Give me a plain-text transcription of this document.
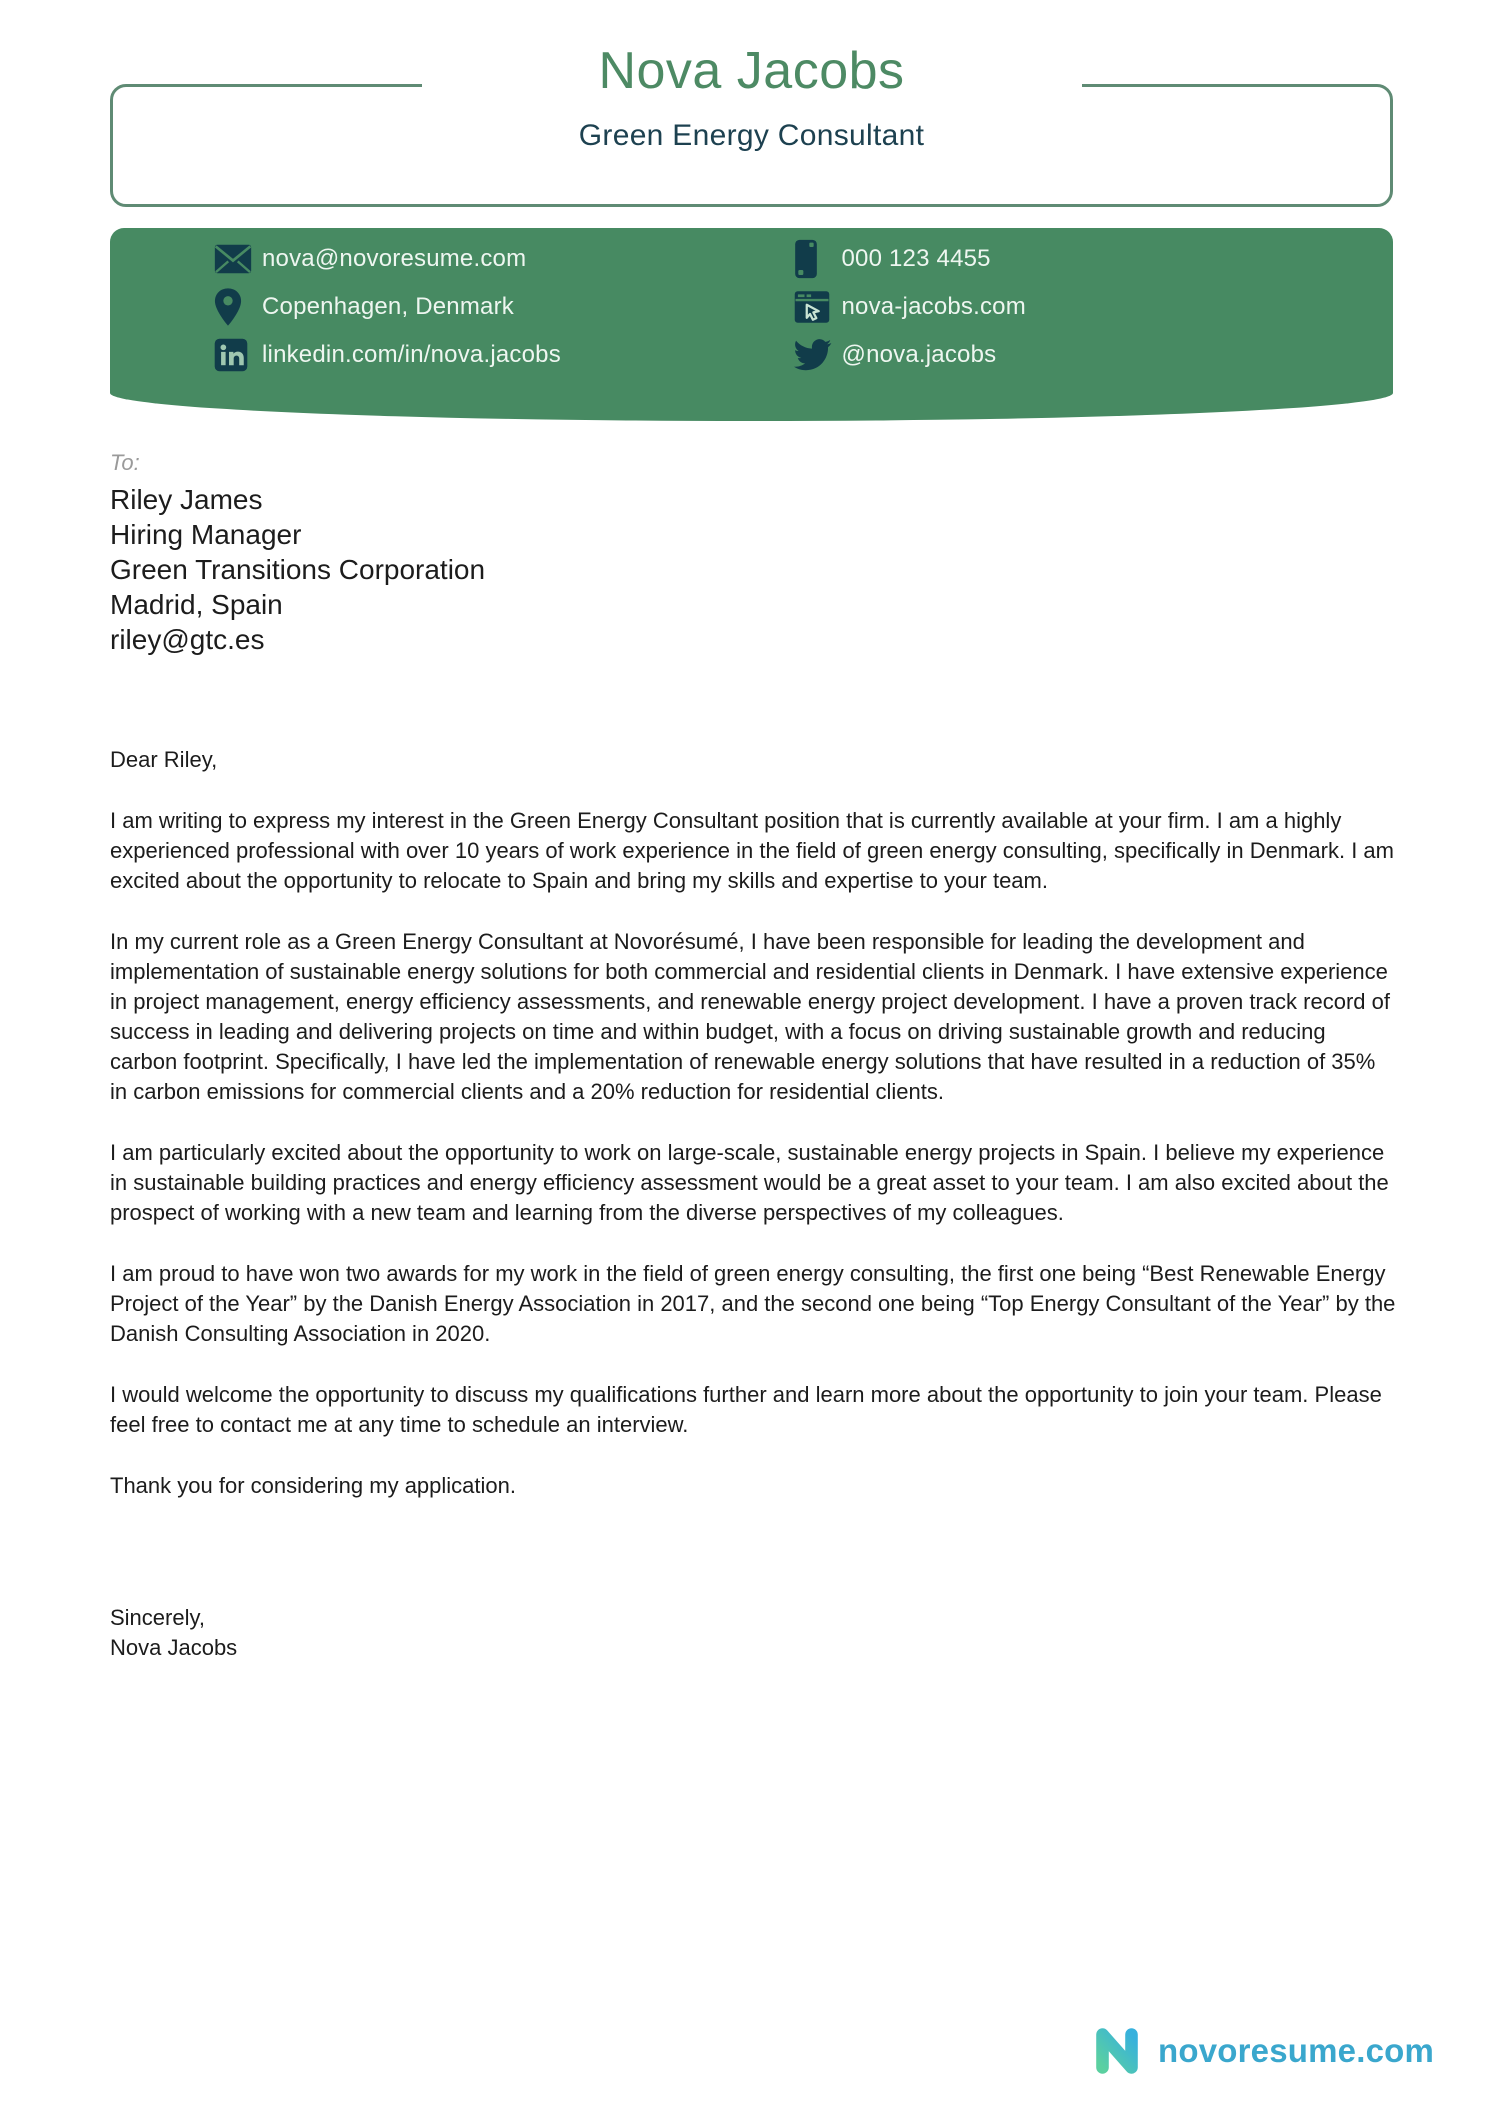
Nova Jacobs
Green Energy Consultant
nova@novoresume.com	000 123 4455
Copenhagen, Denmark	nova-jacobs.com
linkedin.com/in/nova.jacobs	@nova.jacobs

To:

Riley James

Hiring Manager

Green Transitions Corporation

Madrid, Spain

riley@gtc.es

Dear Riley,

I am writing to express my interest in the Green Energy Consultant position that is currently available at your firm. I am a highly experienced professional with over 10 years of work experience in the field of green energy consulting, specifically in Denmark. I am excited about the opportunity to relocate to Spain and bring my skills and expertise to your team.

In my current role as a Green Energy Consultant at Novorésumé, I have been responsible for leading the development and implementation of sustainable energy solutions for both commercial and residential clients in Denmark. I have extensive experience in project management, energy efficiency assessments, and renewable energy project development. I have a proven track record of success in leading and delivering projects on time and within budget, with a focus on driving sustainable growth and reducing carbon footprint. Specifically, I have led the implementation of renewable energy solutions that have resulted in a reduction of 35% in carbon emissions for commercial clients and a 20% reduction for residential clients.

I am particularly excited about the opportunity to work on large-scale, sustainable energy projects in Spain. I believe my experience in sustainable building practices and energy efficiency assessment would be a great asset to your team. I am also excited about the prospect of working with a new team and learning from the diverse perspectives of my colleagues.

I am proud to have won two awards for my work in the field of green energy consulting, the first one being “Best Renewable Energy Project of the Year” by the Danish Energy Association in 2017, and the second one being “Top Energy Consultant of the Year” by the Danish Consulting Association in 2020.

I would welcome the opportunity to discuss my qualifications further and learn more about the opportunity to join your team. Please feel free to contact me at any time to schedule an interview.

Thank you for considering my application.

Sincerely,

Nova Jacobs

novoresume.com
